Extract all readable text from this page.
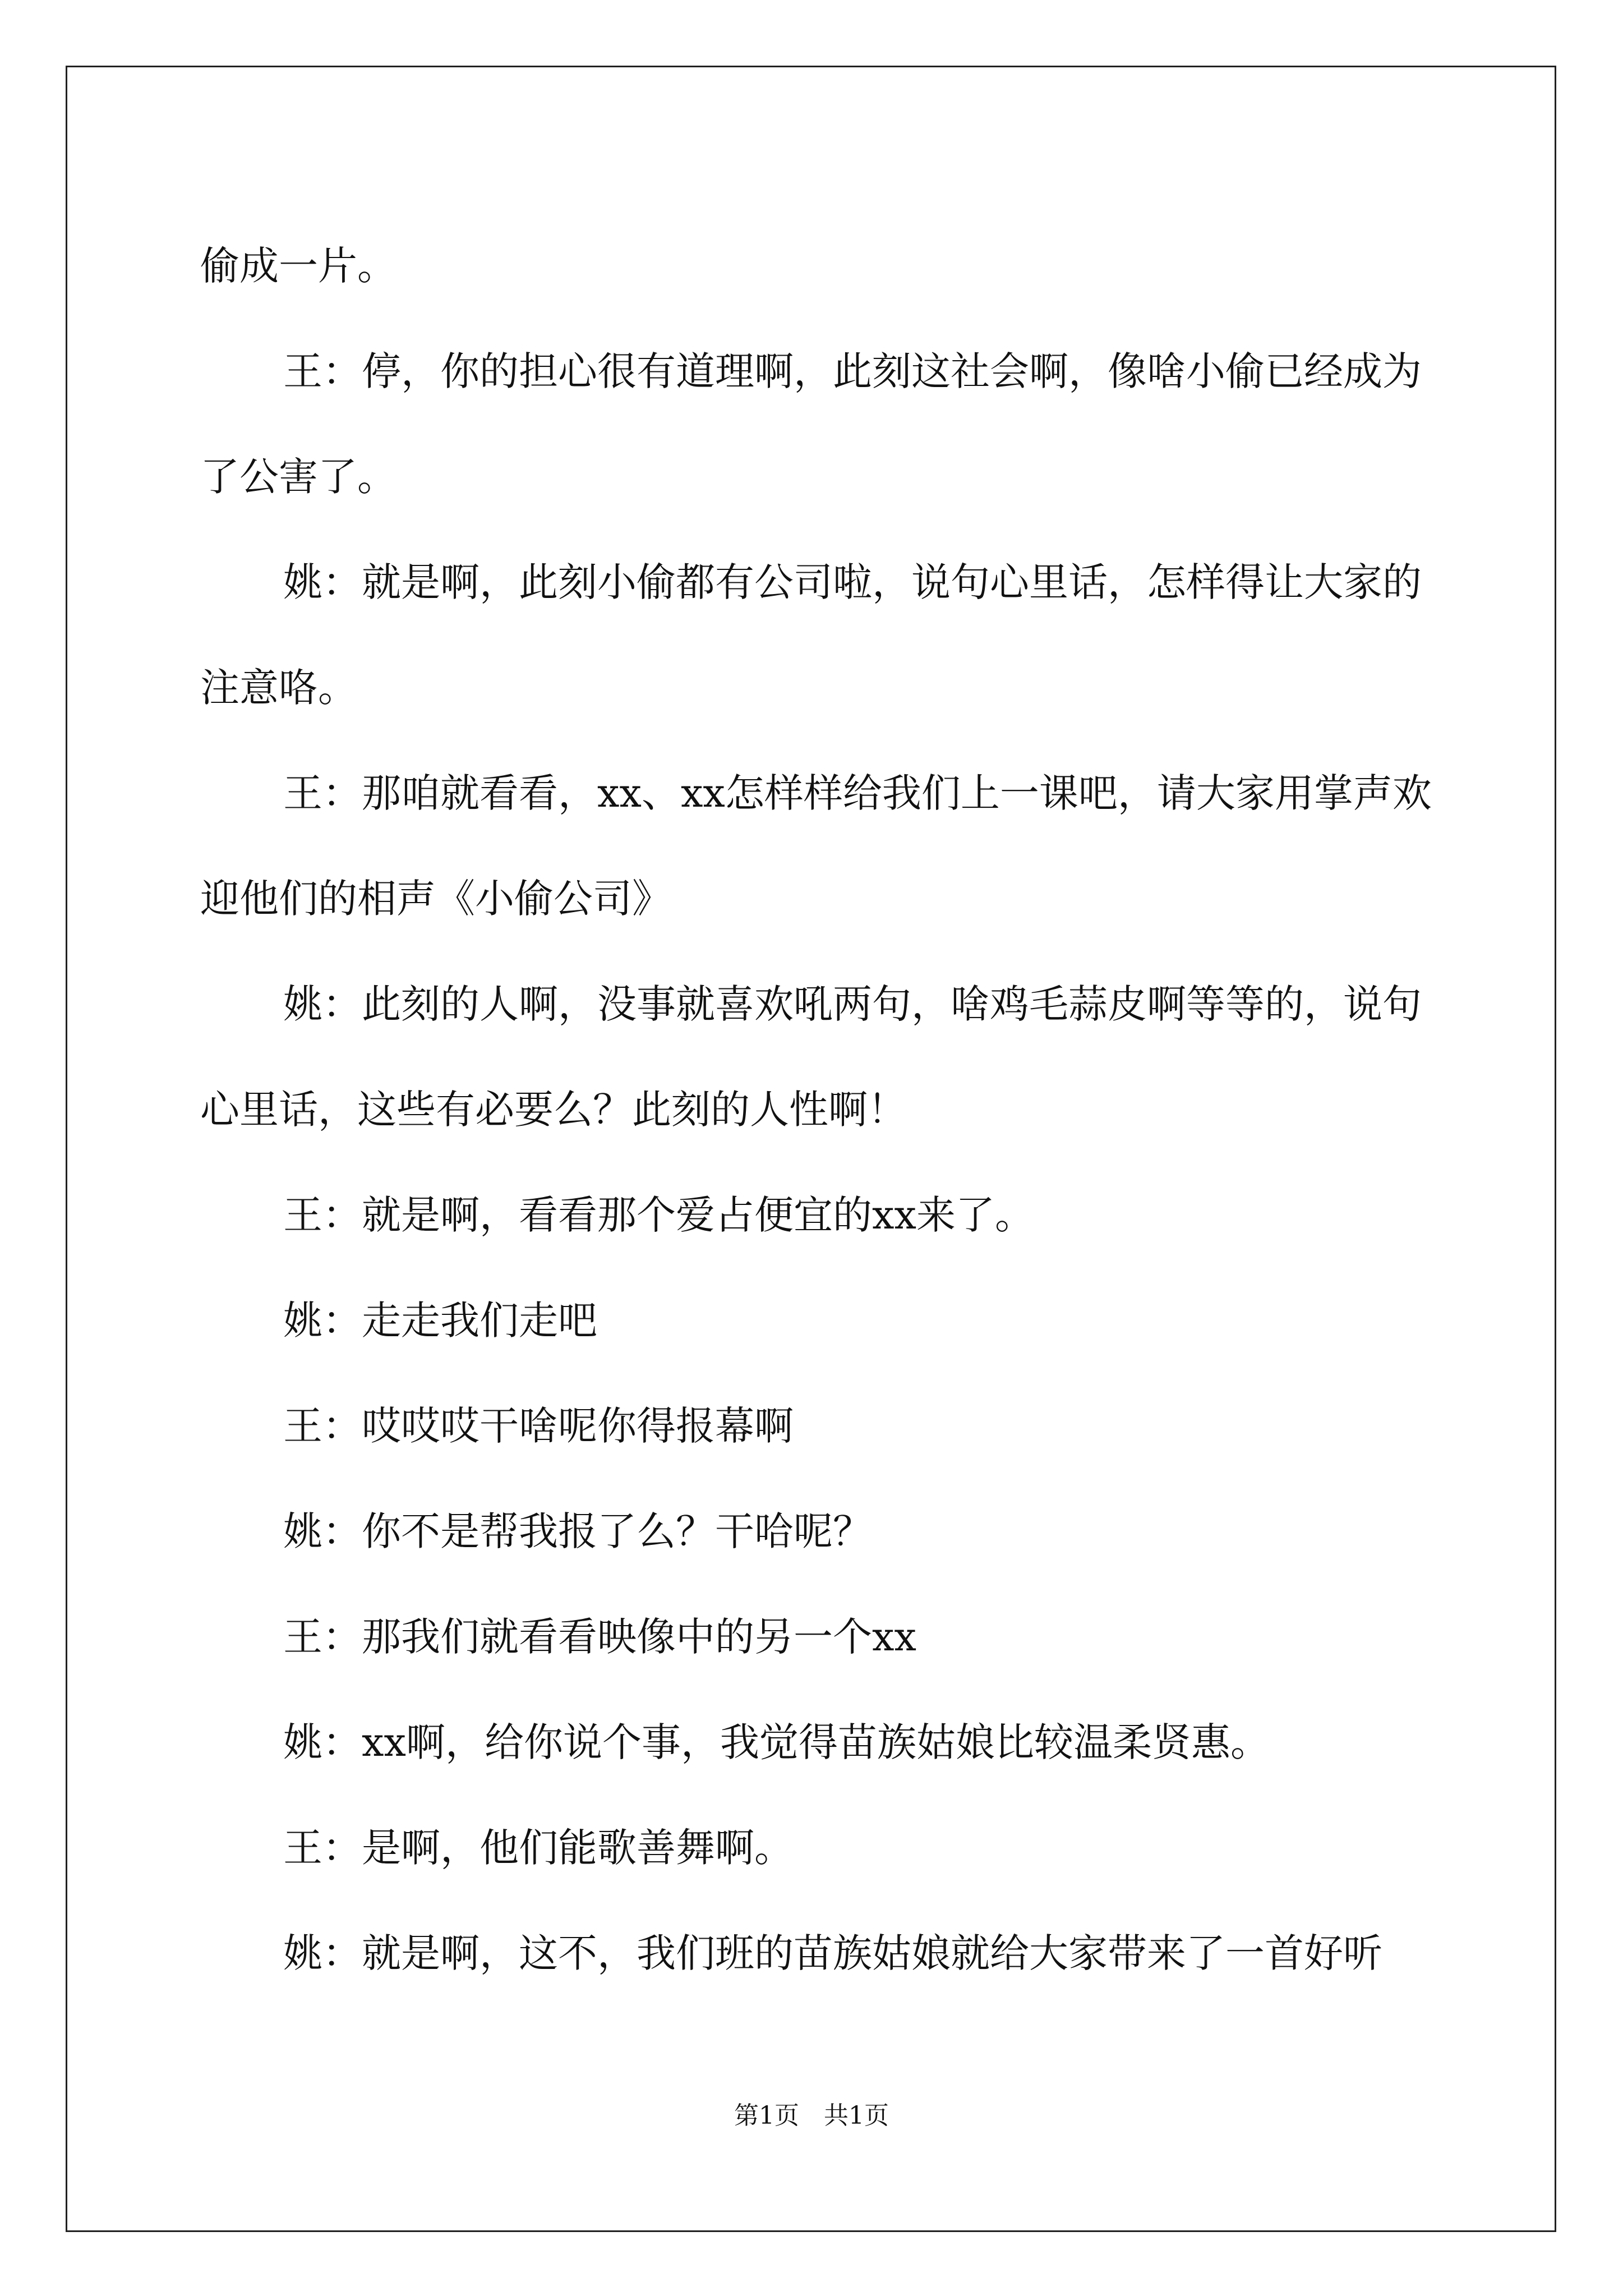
偷成一片。

王：停，你的担心很有道理啊，此刻这社会啊，像啥小偷已经成为了公害了。

姚：就是啊，此刻小偷都有公司啦，说句心里话，怎样得让大家的注意咯。

王：那咱就看看，xx、xx怎样样给我们上一课吧，请大家用掌声欢迎他们的相声《小偷公司》

姚：此刻的人啊，没事就喜欢吼两句，啥鸡毛蒜皮啊等等的，说句心里话，这些有必要么？此刻的人性啊！

王：就是啊，看看那个爱占便宜的xx来了。

姚：走走我们走吧

王：哎哎哎干啥呢你得报幕啊

姚：你不是帮我报了么？干哈呢？

王：那我们就看看映像中的另一个xx

姚：xx啊，给你说个事，我觉得苗族姑娘比较温柔贤惠。

王：是啊，他们能歌善舞啊。

姚：就是啊，这不，我们班的苗族姑娘就给大家带来了一首好听

第1页　共1页
